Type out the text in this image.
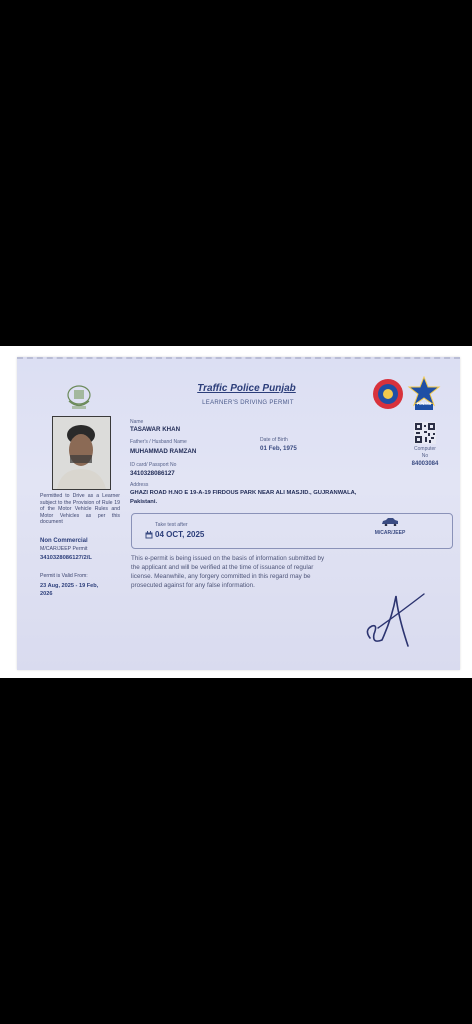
PUNJAB
Traffic Police Punjab
LEARNER'S DRIVING PERMIT
Name
TASAWAR KHAN
Father's / Husband Name
MUHAMMAD RAMZAN
ID card/ Passport No
3410328086127
Date of Birth
01 Feb, 1975	Computer
No
84003084
Address
GHAZI ROAD H.NO E 19-A-19 FIRDOUS PARK NEAR ALI MASJID., GUJRANWALA,
Pakistani.
Permitted to Drive as a Learner subject to the Provision of Rule 19 of the Motor Vehicle Rules and Motor Vehicles as per this document
Non Commercial
M/CAR/JEEP Permit
3410328086127/2/L
Permit is Valid From:
23 Aug, 2025 - 19 Feb, 2026
Take test after
04 OCT, 2025	M/CAR/JEEP
This e-permit is being issued on the basis of information submitted by the applicant and will be verified at the time of issuance of regular license. Meanwhile, any forgery committed in this regard may be prosecuted against for any false information.
